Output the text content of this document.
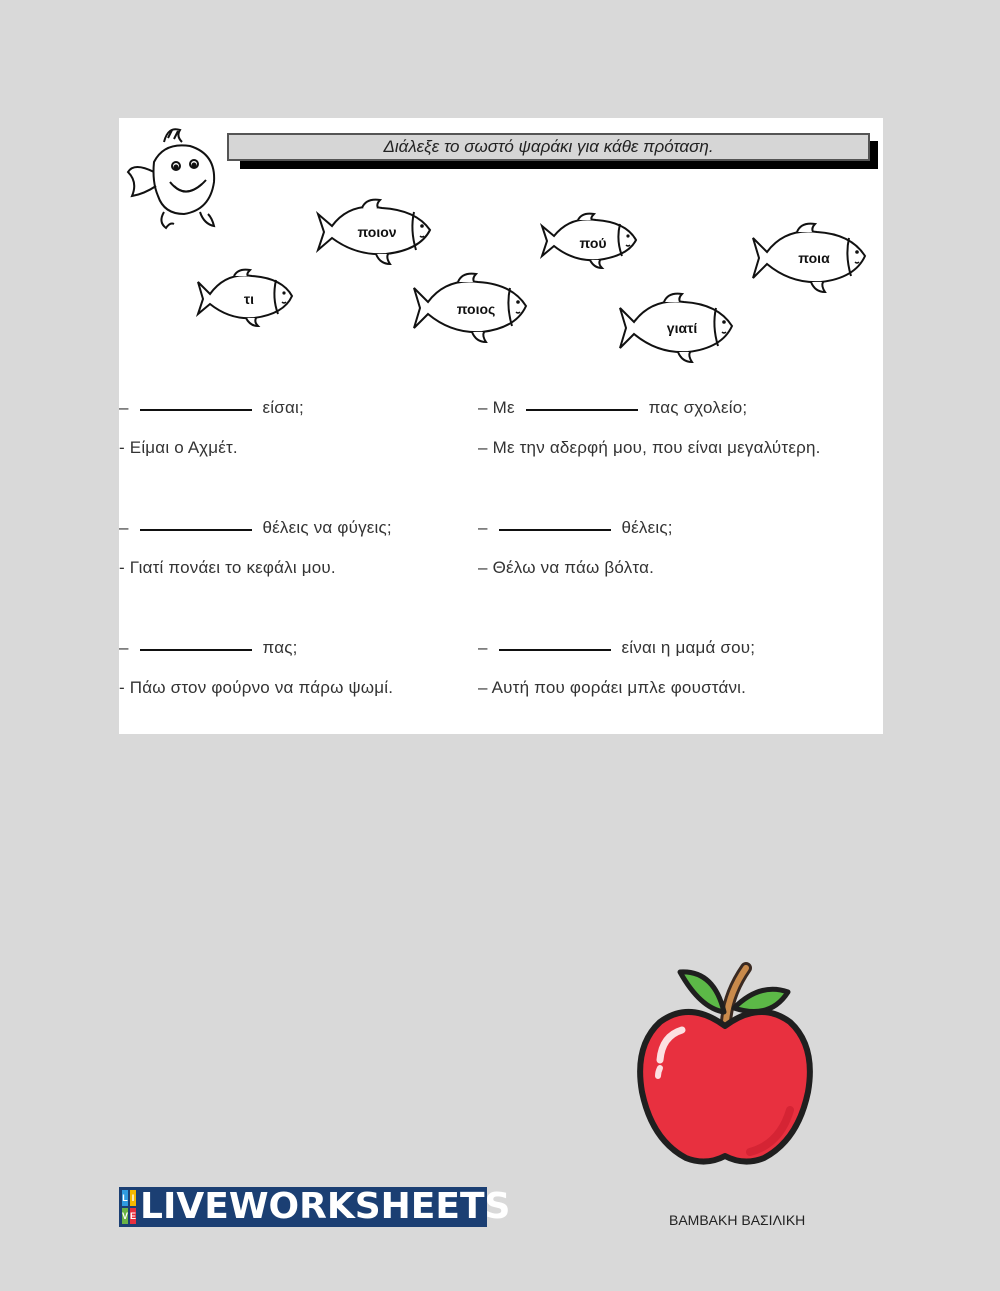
Διάλεξε το σωστό ψαράκι για κάθε πρόταση.
ποιον
πού
ποια
τι
ποιος
γιατί
–	είσαι;
- Είμαι ο Αχμέτ.
–	θέλεις να φύγεις;
- Γιατί πονάει το κεφάλι μου.
–	πας;
- Πάω στον φούρνο να πάρω ψωμί.
– Με	πας σχολείο;
– Με την αδερφή μου, που είναι μεγαλύτερη.
–	θέλεις;
– Θέλω να πάω βόλτα.
–	είναι η μαμά σου;
– Αυτή που φοράει μπλε φουστάνι.
ΒΑΜΒΑΚΗ ΒΑΣΙΛΙΚΗ
L I
V E LIVEWORKSHEETS
